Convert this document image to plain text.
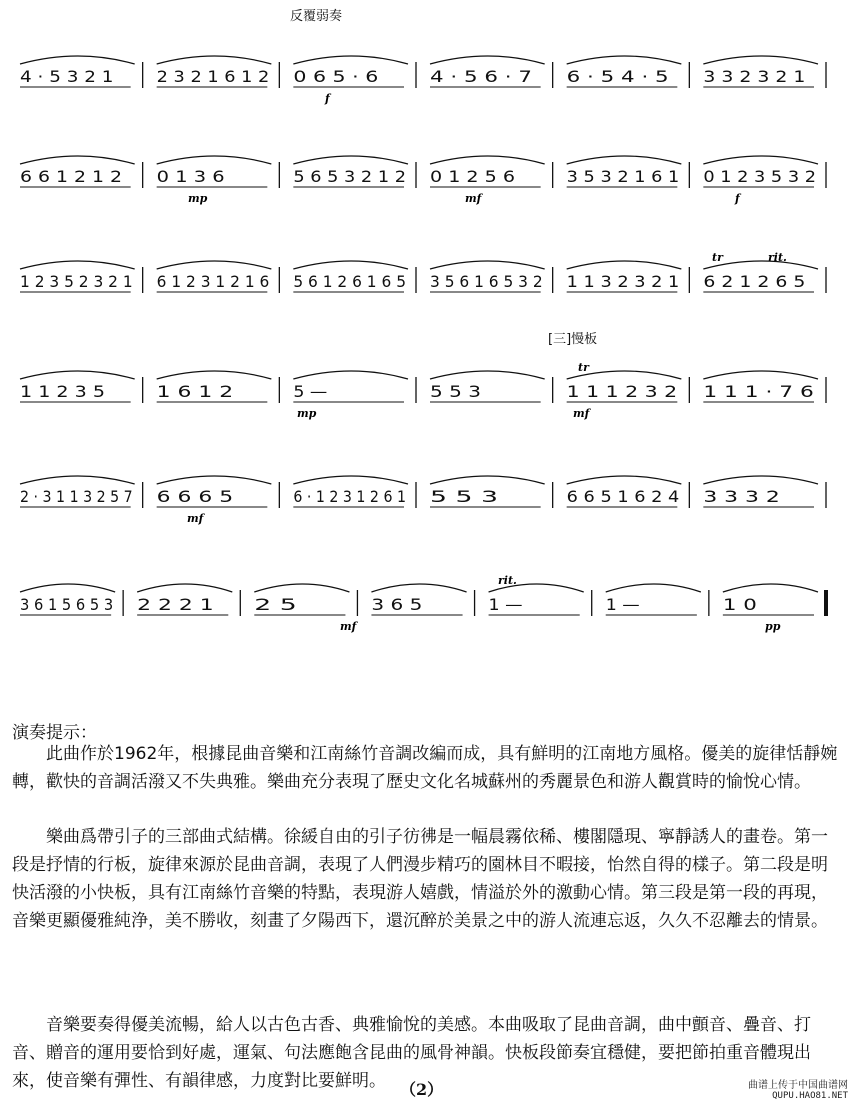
反覆弱奏
[三]慢板
4 · 5 3 2 1	2 3 2 1 6 1 2 0 6 5 · 6	4 · 5 6 · 7 6 · 5 4 · 5 3 3 2 3 2 1
f
6 6 1 2 1 2 0 1 3 6	5 6 5 3 2 1 2 0 1 2 5 6	3 5 3 2 1 6 1 0 1 2 3 5 3 2
mp	mf	f
1 2 3 5 2 3 2 1 6 1 2 3 1 2 1 6 5 6 1 2 6 1 6 5 3 5 6 1 6 5 3 2 1 1 3 2 3 2 1 6 2 1 2 6 5
rit.
tr
1 1 2 3 5	1 6 1 2	5 —	5 5 3	1 1 1 2 3 2 1 1 1 · 7 6
mp	mf
tr
2 · 3 1 1 3 2 5 7 6 6 6 5	6 · 1 2 3 1 2 6 1 5 5 3	6 6 5 1 6 2 4 3 3 3 2
mf
3 6 1 5 6 5 3 2 2 2 1	2 5	3 6 5	1 —	1 —	1 0
mf	pp
rit.
演奏提示：
此曲作於1962年，根據昆曲音樂和江南絲竹音調改編而成，具有鮮明的江南地方風格。優美的旋律恬靜婉轉，歡快的音調活潑又不失典雅。樂曲充分表現了歷史文化名城蘇州的秀麗景色和游人觀賞時的愉悅心情。
樂曲爲帶引子的三部曲式結構。徐緩自由的引子彷彿是一幅晨霧依稀、樓閣隱現、寧靜誘人的畫卷。第一段是抒情的行板，旋律來源於昆曲音調，表現了人們漫步精巧的園林目不暇接，怡然自得的樣子。第二段是明快活潑的小快板，具有江南絲竹音樂的特點，表現游人嬉戲，情溢於外的激動心情。第三段是第一段的再現，音樂更顯優雅純浄，美不勝收，刻畫了夕陽西下，還沉醉於美景之中的游人流連忘返，久久不忍離去的情景。
音樂要奏得優美流暢，給人以古色古香、典雅愉悅的美感。本曲吸取了昆曲音調，曲中顫音、疊音、打音、贈音的運用要恰到好處，運氣、句法應飽含昆曲的風骨神韻。快板段節奏宜穩健，要把節拍重音體現出來，使音樂有彈性、有韻律感，力度對比要鮮明。 （2）	曲谱上传于中国曲谱网
QUPU.HAO81.NET
